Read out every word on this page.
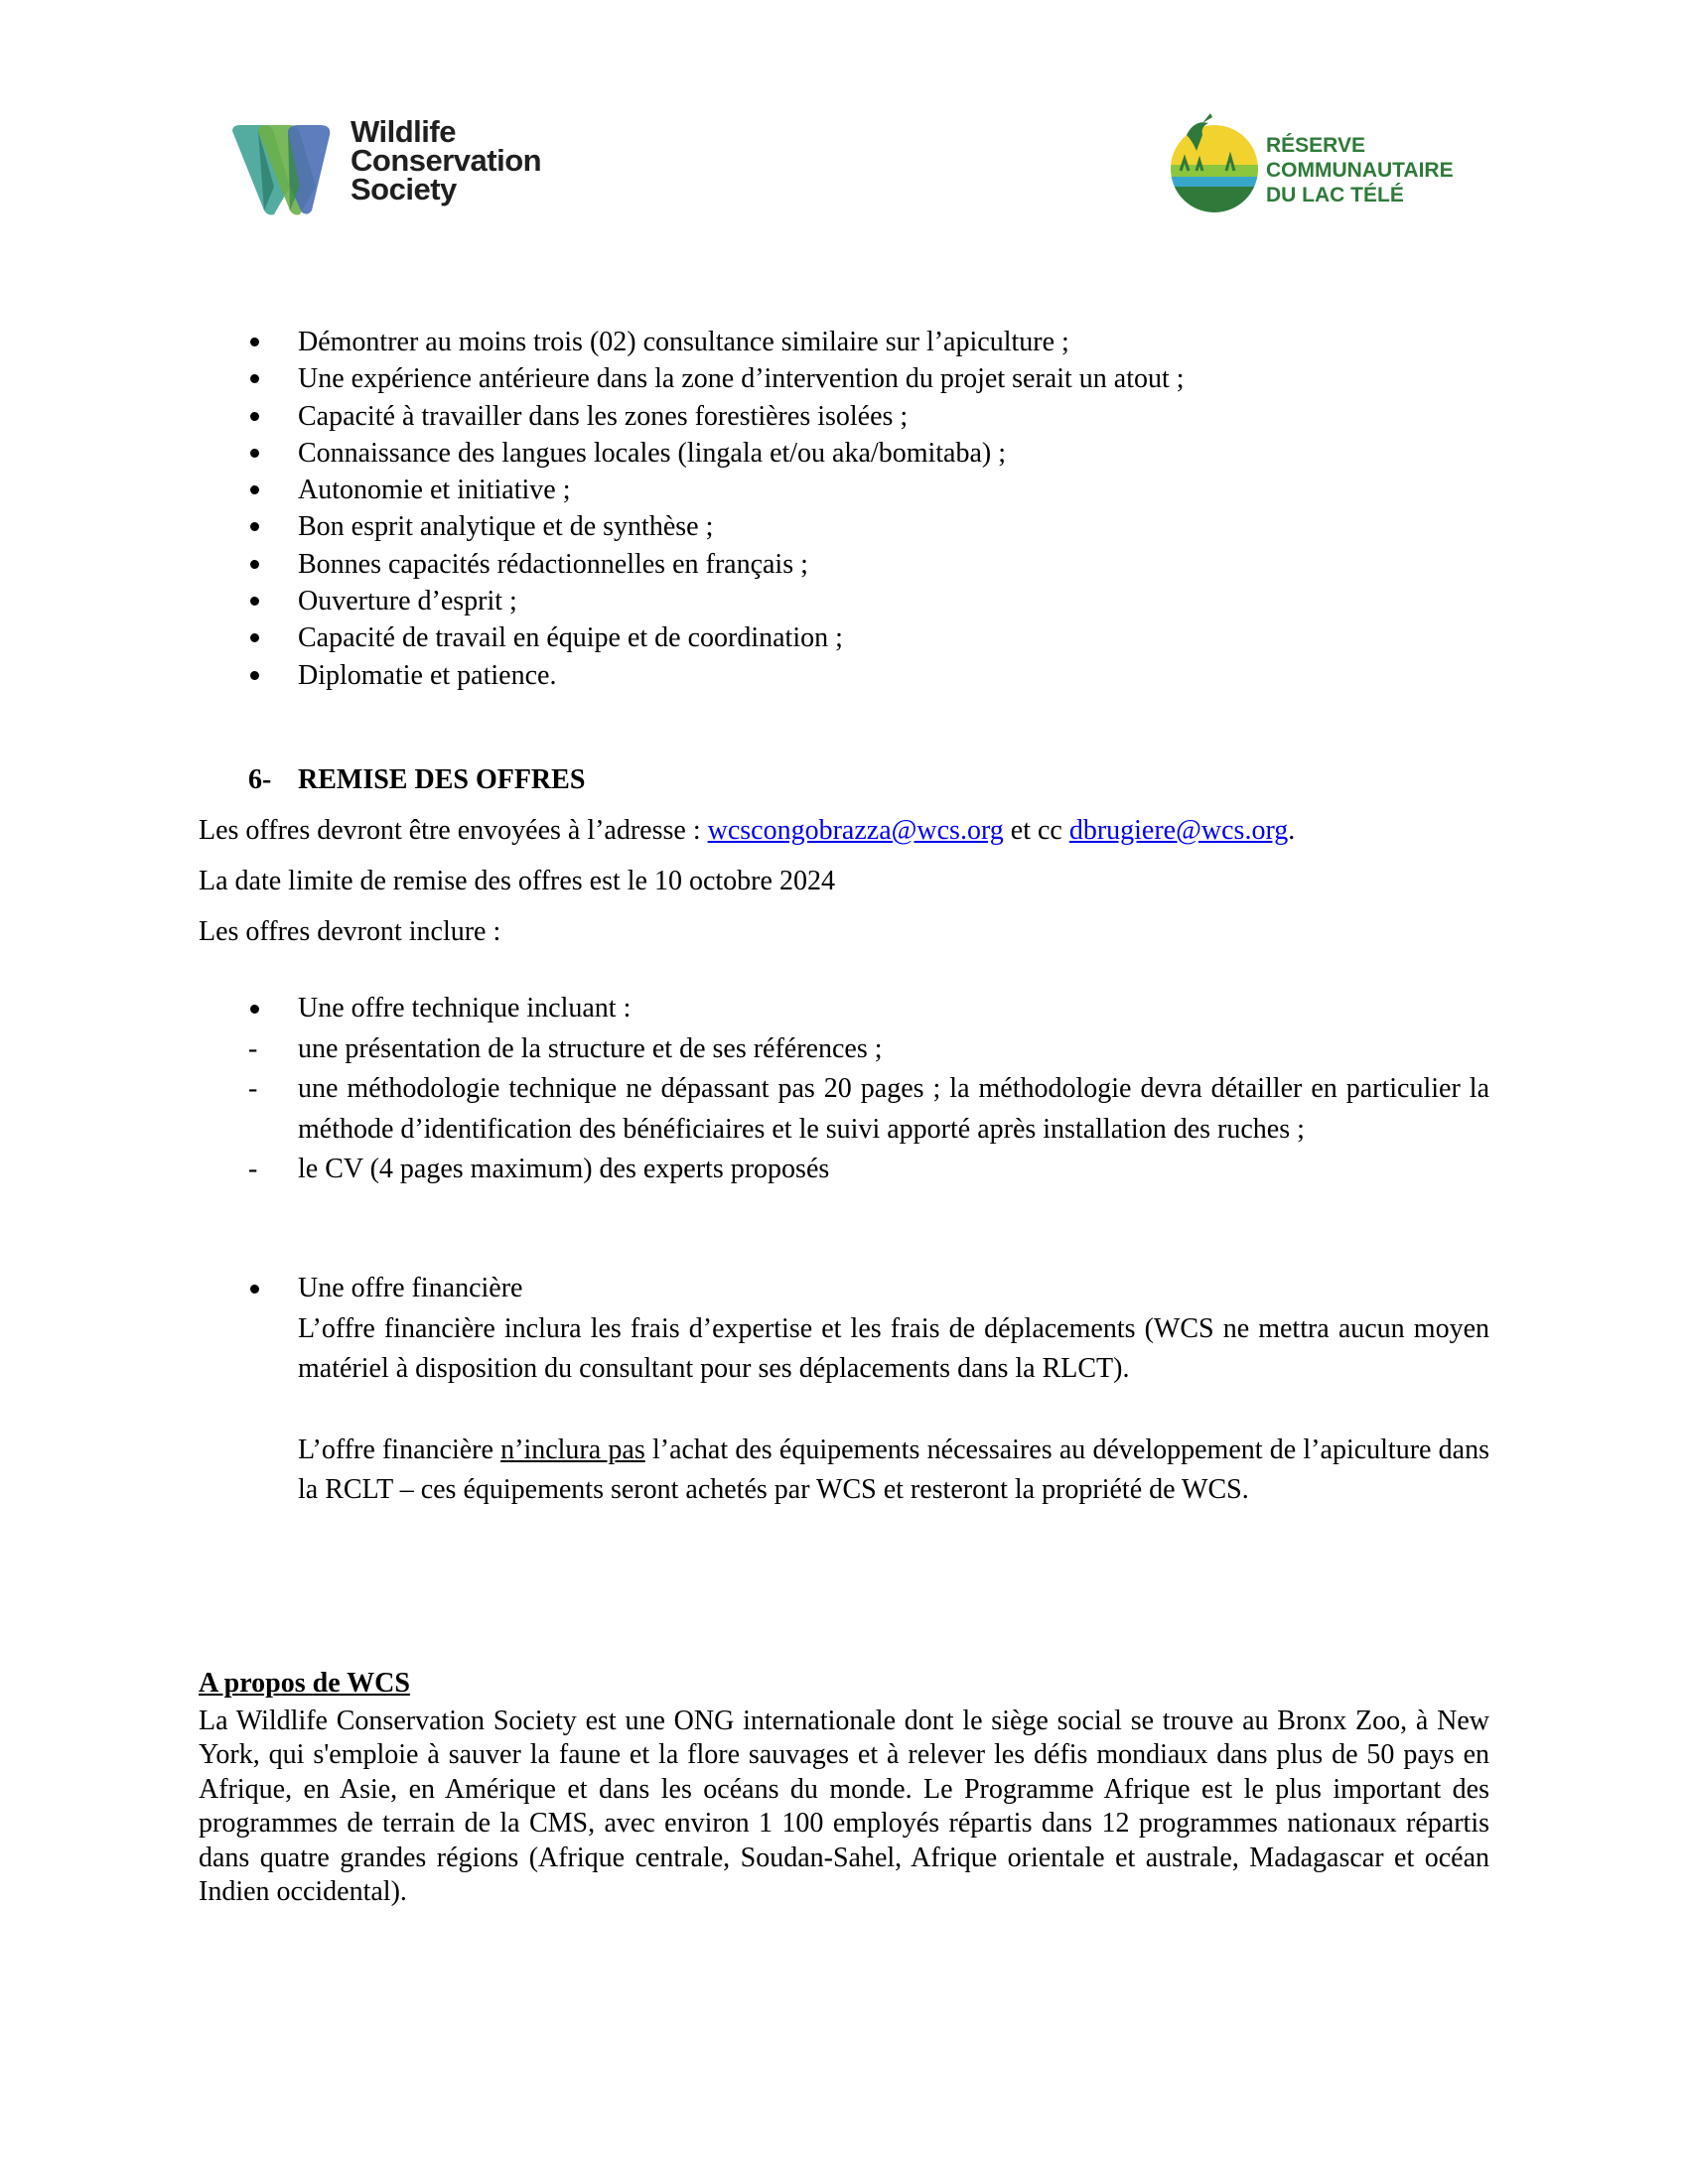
Wildlife
Conservation
Society
RÉSERVE
COMMUNAUTAIRE
DU LAC TÉLÉ
Démontrer au moins trois (02) consultance similaire sur l’apiculture ;
Une expérience antérieure dans la zone d’intervention du projet serait un atout ;
Capacité à travailler dans les zones forestières isolées ;
Connaissance des langues locales (lingala et/ou aka/bomitaba) ;
Autonomie et initiative ;
Bon esprit analytique et de synthèse ;
Bonnes capacités rédactionnelles en français ;
Ouverture d’esprit ;
Capacité de travail en équipe et de coordination ;
Diplomatie et patience.
6- REMISE DES OFFRES
Les offres devront être envoyées à l’adresse : wcscongobrazza@wcs.org et cc dbrugiere@wcs.org.
La date limite de remise des offres est le 10 octobre 2024
Les offres devront inclure :
Une offre technique incluant :
- une présentation de la structure et de ses références ;
- une méthodologie technique ne dépassant pas 20 pages ; la méthodologie devra détailler en particulier la méthode d’identification des bénéficiaires et le suivi apporté après installation des ruches ;
- le CV (4 pages maximum) des experts proposés
Une offre financière
L’offre financière inclura les frais d’expertise et les frais de déplacements (WCS ne mettra aucun moyen matériel à disposition du consultant pour ses déplacements dans la RLCT).
L’offre financière n’inclura pas l’achat des équipements nécessaires au développement de l’apiculture dans la RCLT – ces équipements seront achetés par WCS et resteront la propriété de WCS.
A propos de WCS
La Wildlife Conservation Society est une ONG internationale dont le siège social se trouve au Bronx Zoo, à New York, qui s'emploie à sauver la faune et la flore sauvages et à relever les défis mondiaux dans plus de 50 pays en Afrique, en Asie, en Amérique et dans les océans du monde. Le Programme Afrique est le plus important des programmes de terrain de la CMS, avec environ 1 100 employés répartis dans 12 programmes nationaux répartis dans quatre grandes régions (Afrique centrale, Soudan-Sahel, Afrique orientale et australe, Madagascar et océan Indien occidental).
